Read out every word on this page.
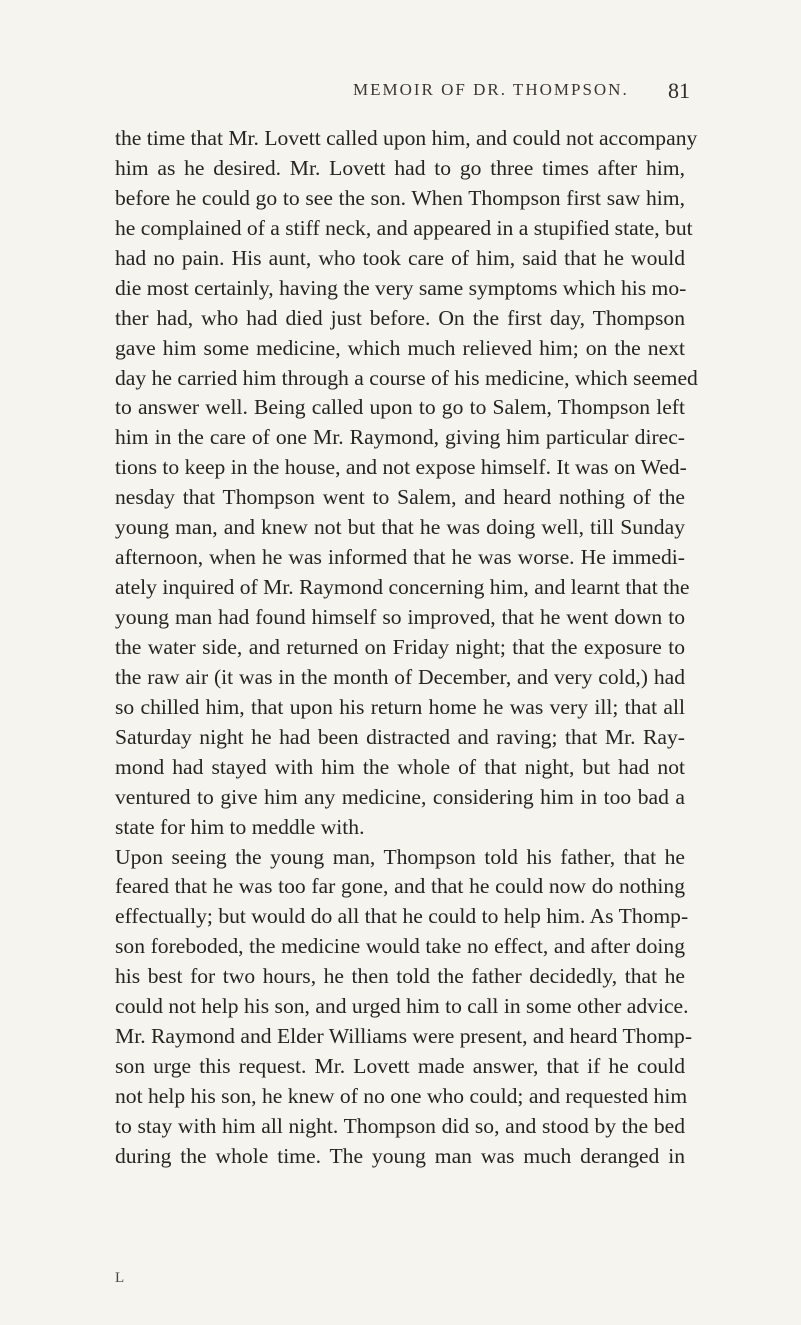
MEMOIR OF DR. THOMPSON. 81
the time that Mr. Lovett called upon him, and could not accompany
him as he desired. Mr. Lovett had to go three times after him,
before he could go to see the son. When Thompson first saw him,
he complained of a stiff neck, and appeared in a stupified state, but
had no pain. His aunt, who took care of him, said that he would
die most certainly, having the very same symptoms which his mo-
ther had, who had died just before. On the first day, Thompson
gave him some medicine, which much relieved him; on the next
day he carried him through a course of his medicine, which seemed
to answer well. Being called upon to go to Salem, Thompson left
him in the care of one Mr. Raymond, giving him particular direc-
tions to keep in the house, and not expose himself. It was on Wed-
nesday that Thompson went to Salem, and heard nothing of the
young man, and knew not but that he was doing well, till Sunday
afternoon, when he was informed that he was worse. He immedi-
ately inquired of Mr. Raymond concerning him, and learnt that the
young man had found himself so improved, that he went down to
the water side, and returned on Friday night; that the exposure to
the raw air (it was in the month of December, and very cold,) had
so chilled him, that upon his return home he was very ill; that all
Saturday night he had been distracted and raving; that Mr. Ray-
mond had stayed with him the whole of that night, but had not
ventured to give him any medicine, considering him in too bad a
state for him to meddle with.
Upon seeing the young man, Thompson told his father, that he
feared that he was too far gone, and that he could now do nothing
effectually; but would do all that he could to help him. As Thomp-
son foreboded, the medicine would take no effect, and after doing
his best for two hours, he then told the father decidedly, that he
could not help his son, and urged him to call in some other advice.
Mr. Raymond and Elder Williams were present, and heard Thomp-
son urge this request. Mr. Lovett made answer, that if he could
not help his son, he knew of no one who could; and requested him
to stay with him all night. Thompson did so, and stood by the bed
during the whole time. The young man was much deranged in
L
